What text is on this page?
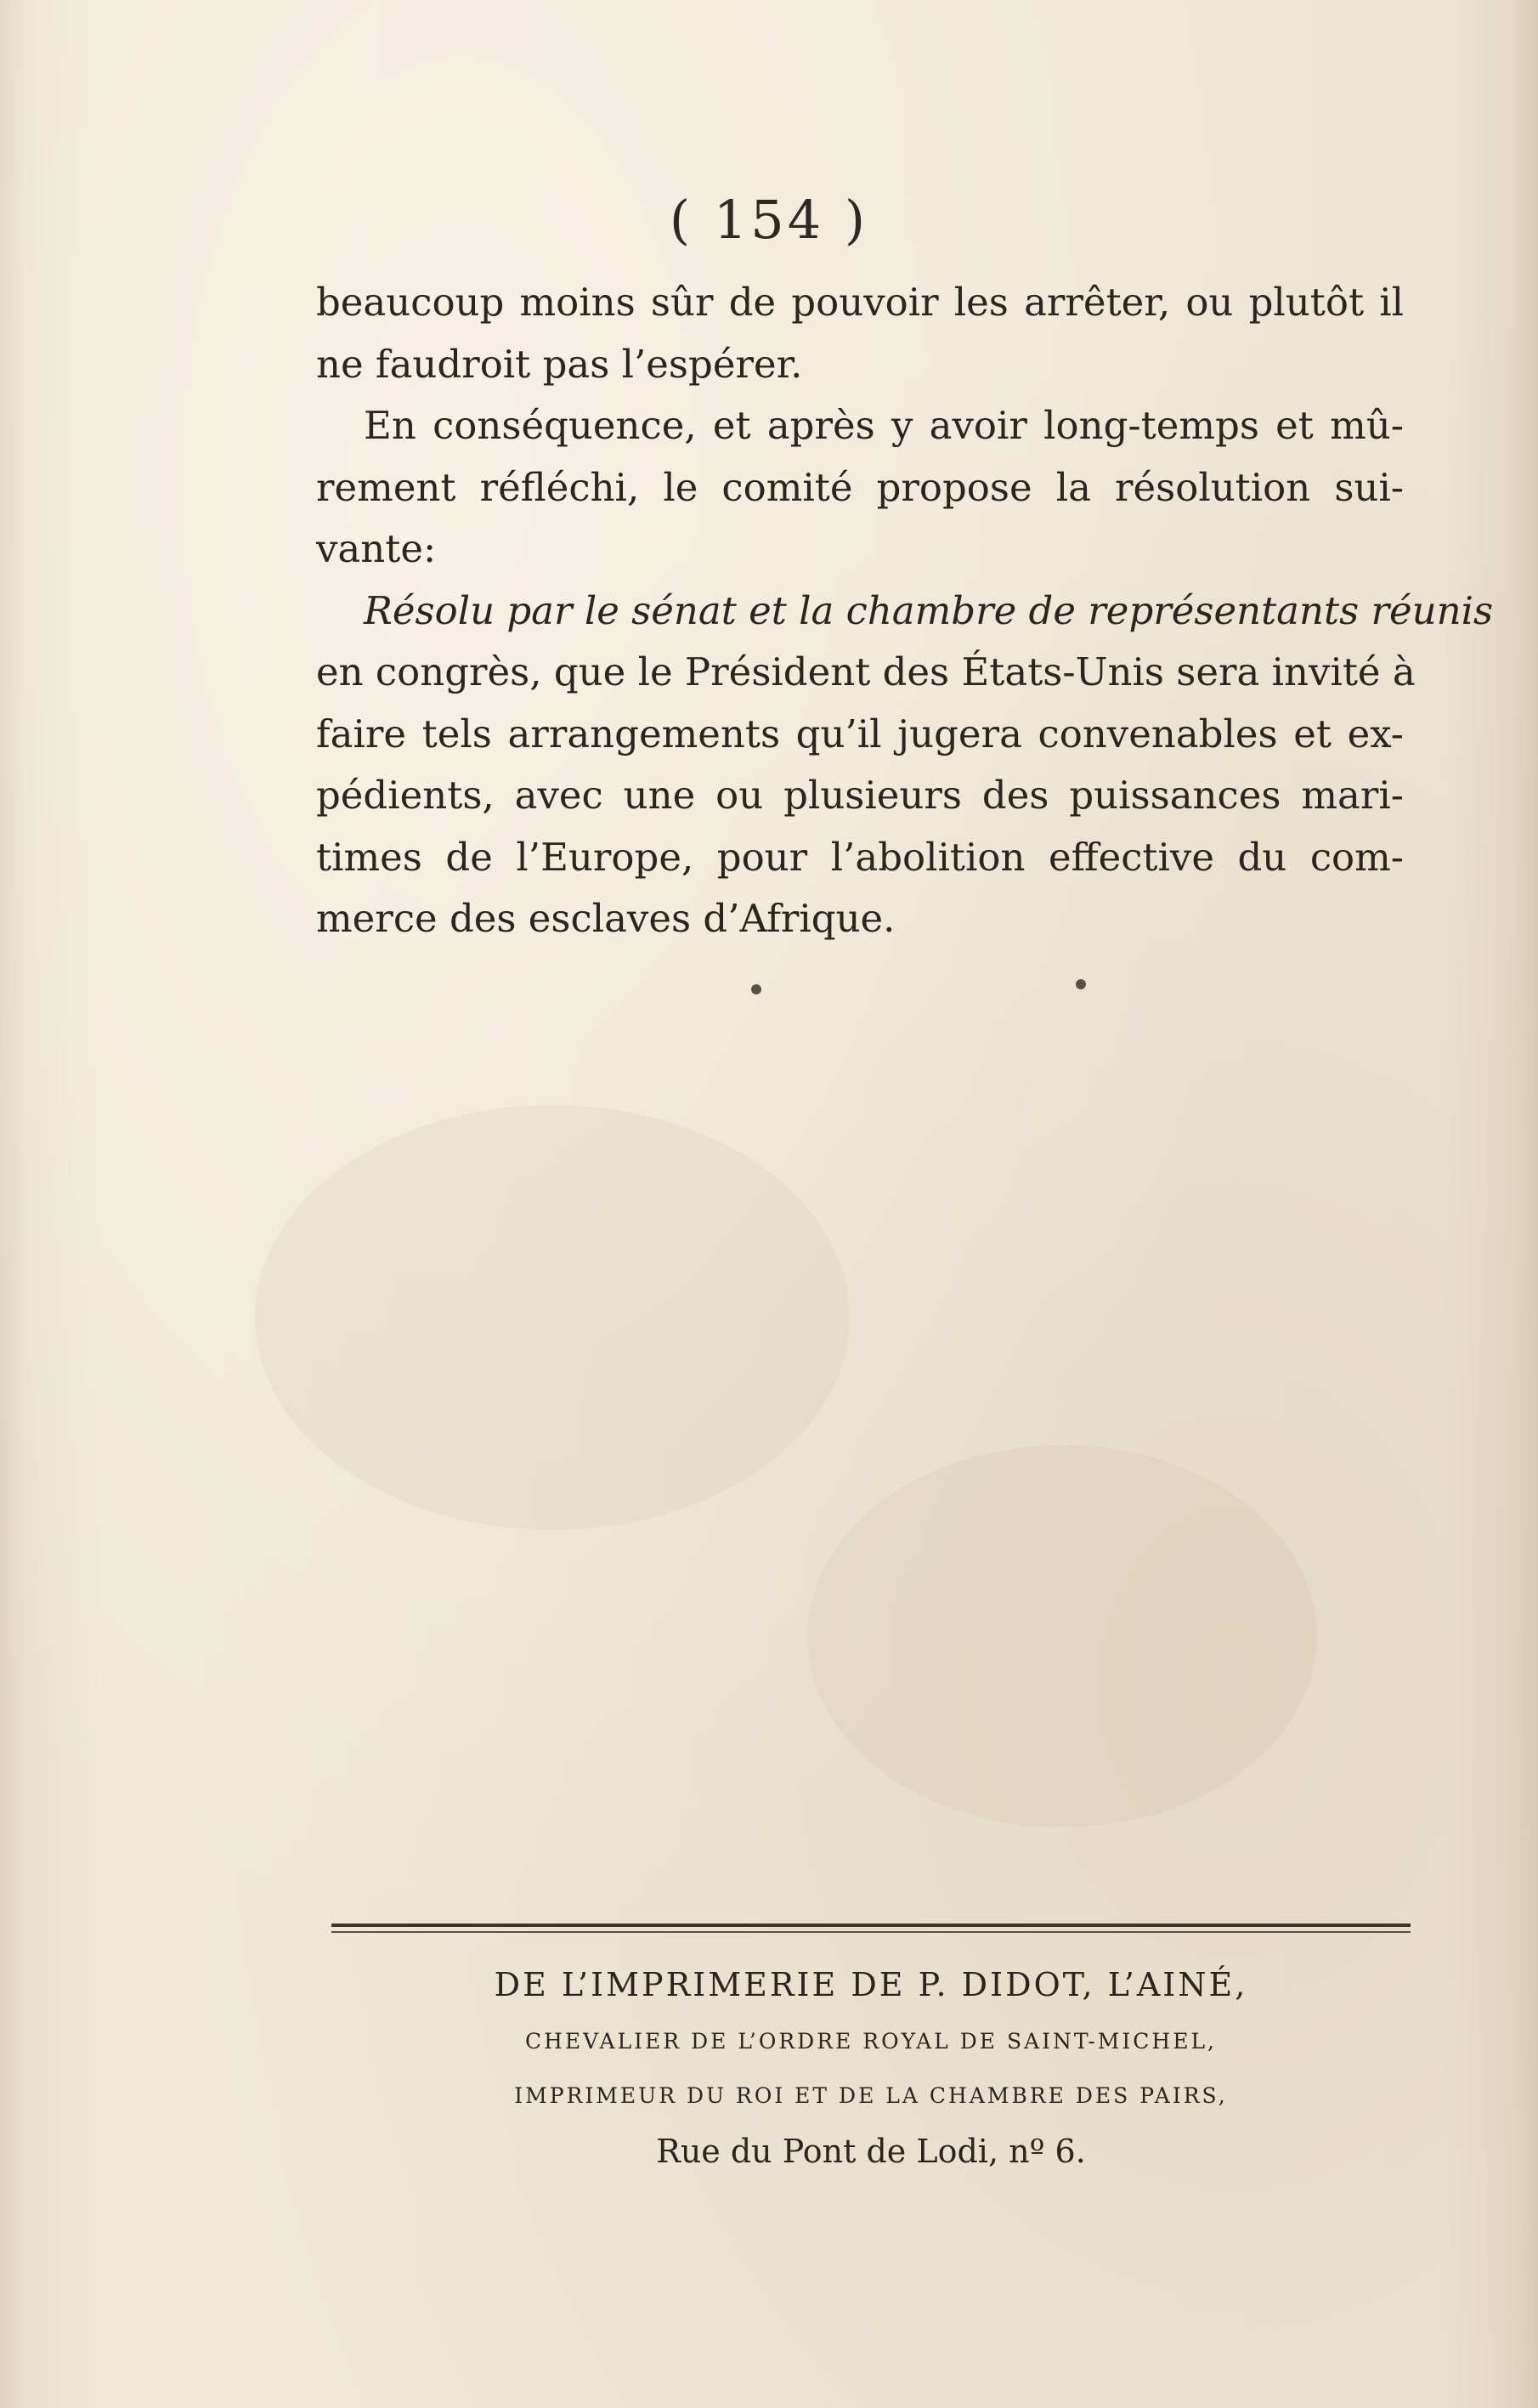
( 154 )
beaucoup moins sûr de pouvoir les arrêter, ou plutôt il
ne faudroit pas l’espérer.
En conséquence, et après y avoir long-temps et mû-
rement réfléchi, le comité propose la résolution sui-
vante:
Résolu par le sénat et la chambre de représentants réunis
en congrès, que le Président des États-Unis sera invité à
faire tels arrangements qu’il jugera convenables et ex-
pédients, avec une ou plusieurs des puissances mari-
times de l’Europe, pour l’abolition effective du com-
merce des esclaves d’Afrique.
DE L’IMPRIMERIE DE P. DIDOT, L’AINÉ,
CHEVALIER DE L’ORDRE ROYAL DE SAINT-MICHEL,
IMPRIMEUR DU ROI ET DE LA CHAMBRE DES PAIRS,
Rue du Pont de Lodi, nº 6.
